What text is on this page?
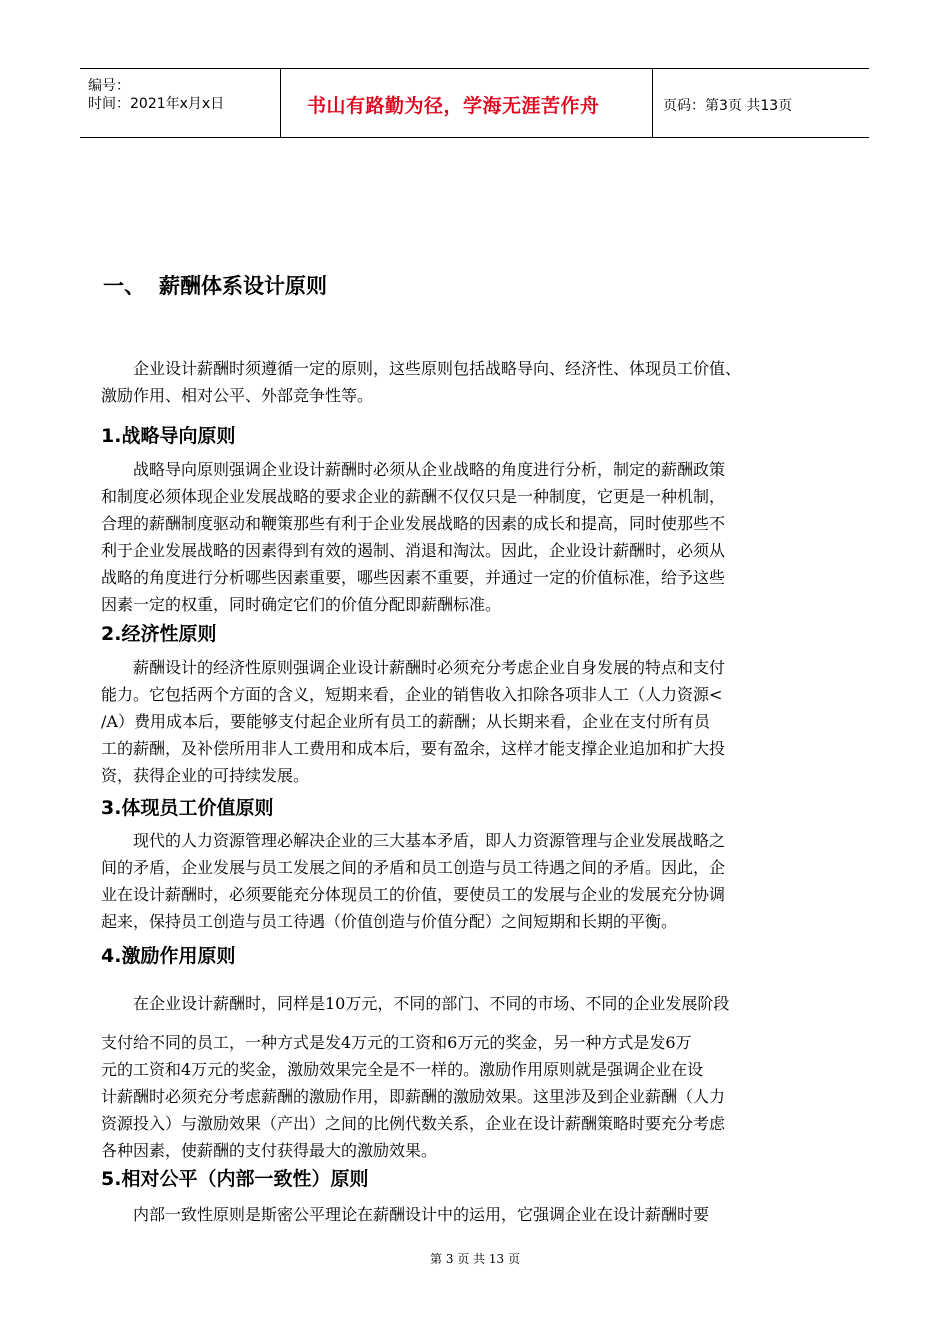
编号：
时间：2021年x月x日	书山有路勤为径，学海无涯苦作舟	页码：第3页 共13页
一、 薪酬体系设计原则
　　企业设计薪酬时须遵循一定的原则，这些原则包括战略导向、经济性、体现员工价值、
激励作用、相对公平、外部竞争性等。
1.战略导向原则
　　战略导向原则强调企业设计薪酬时必须从企业战略的角度进行分析，制定的薪酬政策
和制度必须体现企业发展战略的要求企业的薪酬不仅仅只是一种制度，它更是一种机制，
合理的薪酬制度驱动和鞭策那些有利于企业发展战略的因素的成长和提高，同时使那些不
利于企业发展战略的因素得到有效的遏制、消退和淘汰。因此，企业设计薪酬时，必须从
战略的角度进行分析哪些因素重要，哪些因素不重要，并通过一定的价值标准，给予这些
因素一定的权重，同时确定它们的价值分配即薪酬标准。
2.经济性原则
　　薪酬设计的经济性原则强调企业设计薪酬时必须充分考虑企业自身发展的特点和支付
能力。它包括两个方面的含义，短期来看，企业的销售收入扣除各项非人工（人力资源<
/A）费用成本后，要能够支付起企业所有员工的薪酬；从长期来看，企业在支付所有员
工的薪酬，及补偿所用非人工费用和成本后，要有盈余，这样才能支撑企业追加和扩大投
资，获得企业的可持续发展。
3.体现员工价值原则
　　现代的人力资源管理必解决企业的三大基本矛盾，即人力资源管理与企业发展战略之
间的矛盾，企业发展与员工发展之间的矛盾和员工创造与员工待遇之间的矛盾。因此，企
业在设计薪酬时，必须要能充分体现员工的价值，要使员工的发展与企业的发展充分协调
起来，保持员工创造与员工待遇（价值创造与价值分配）之间短期和长期的平衡。
4.激励作用原则
　　在企业设计薪酬时，同样是10万元，不同的部门、不同的市场、不同的企业发展阶段
支付给不同的员工，一种方式是发4万元的工资和6万元的奖金，另一种方式是发6万
元的工资和4万元的奖金，激励效果完全是不一样的。激励作用原则就是强调企业在设
计薪酬时必须充分考虑薪酬的激励作用，即薪酬的激励效果。这里涉及到企业薪酬（人力
资源投入）与激励效果（产出）之间的比例代数关系，企业在设计薪酬策略时要充分考虑
各种因素，使薪酬的支付获得最大的激励效果。
5.相对公平（内部一致性）原则
　　内部一致性原则是斯密公平理论在薪酬设计中的运用，它强调企业在设计薪酬时要
第 3 页 共 13 页
